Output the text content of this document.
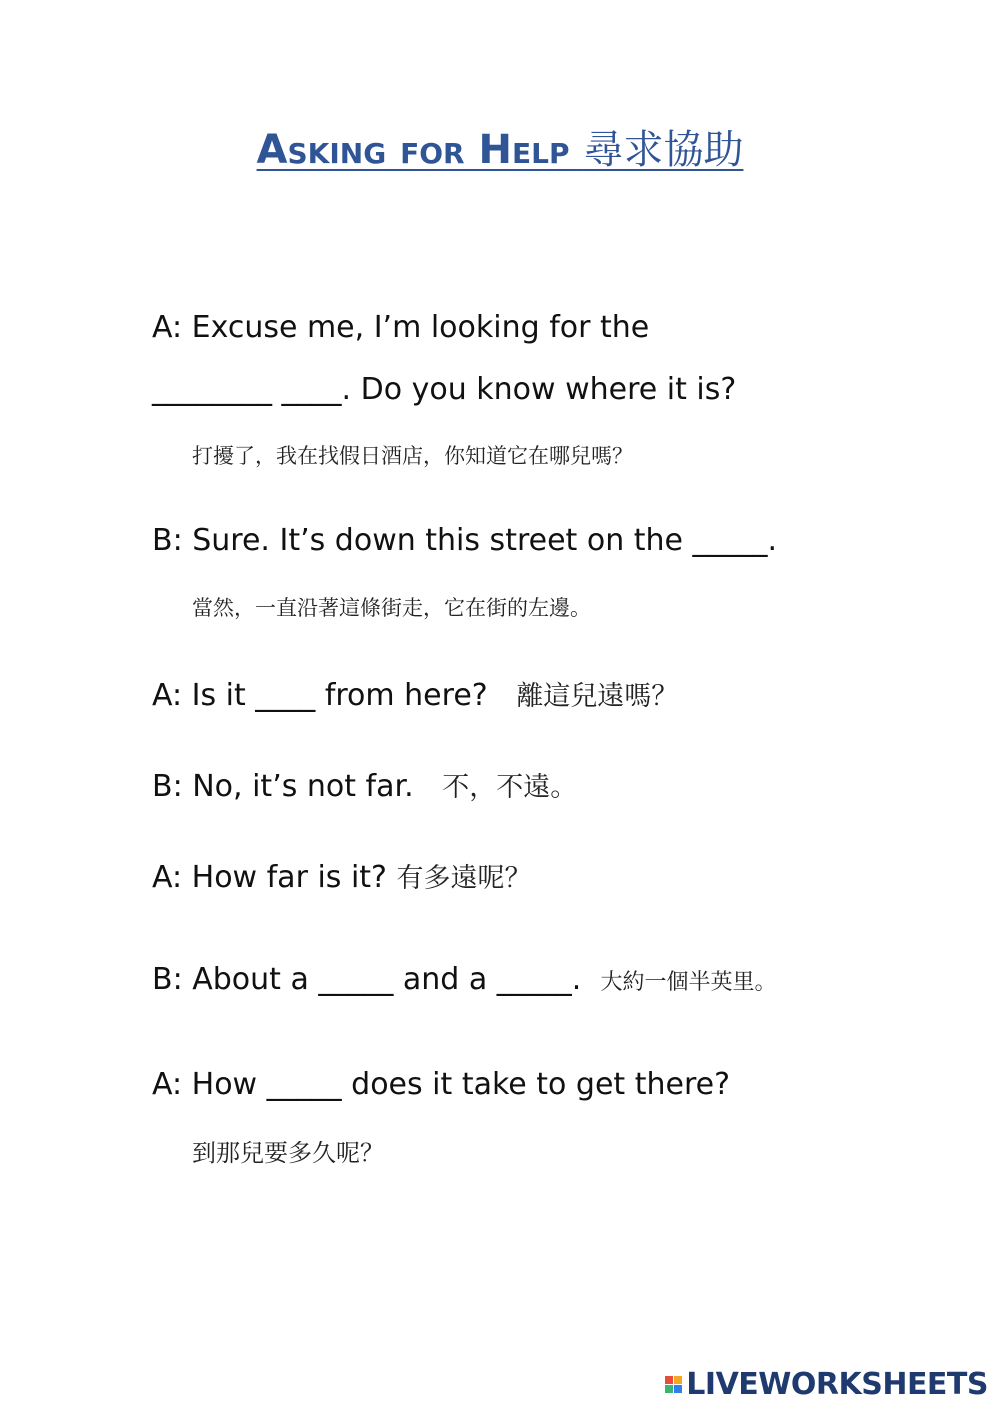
Asking for Help 尋求協助
A: Excuse me, I’m looking for the
________ ____. Do you know where it is?
打擾了，我在找假日酒店，你知道它在哪兒嗎？
B: Sure. It’s down this street on the _____.
當然，一直沿著這條街走，它在街的左邊。
A: Is it ____ from here? 離這兒遠嗎？
B: No, it’s not far. 不，不遠。
A: How far is it? 有多遠呢？
B: About a _____ and a _____. 大約一個半英里。
A: How _____ does it take to get there?
到那兒要多久呢？
LIVEWORKSHEETS
